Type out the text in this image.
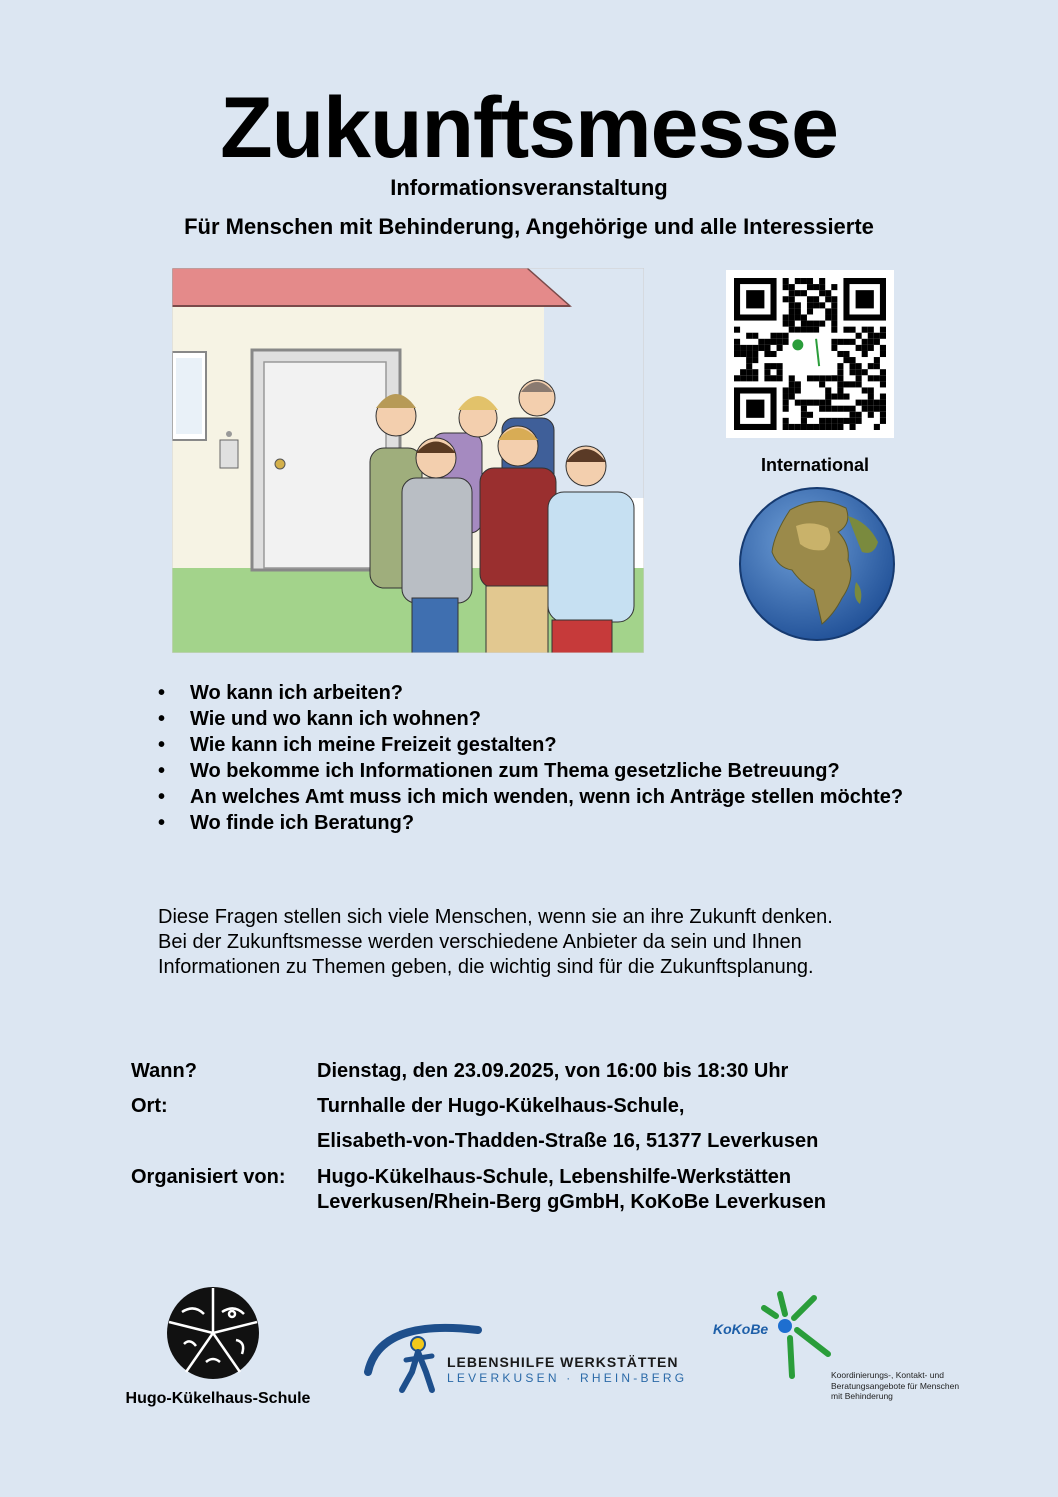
Zukunftsmesse
Informationsveranstaltung
Für Menschen mit Behinderung, Angehörige und alle Interessierte
International
• Wo kann ich arbeiten?
• Wie und wo kann ich wohnen?
• Wie kann ich meine Freizeit gestalten?
• Wo bekomme ich Informationen zum Thema gesetzliche Betreuung?
• An welches Amt muss ich mich wenden, wenn ich Anträge stellen möchte?
• Wo finde ich Beratung?
Diese Fragen stellen sich viele Menschen, wenn sie an ihre Zukunft denken.
Bei der Zukunftsmesse werden verschiedene Anbieter da sein und Ihnen
Informationen zu Themen geben, die wichtig sind für die Zukunftsplanung.
Wann?	Dienstag, den 23.09.2025, von 16:00 bis 18:30 Uhr
Ort:	Turnhalle der Hugo-Kükelhaus-Schule,
Elisabeth-von-Thadden-Straße 16, 51377 Leverkusen
Organisiert von:	Hugo-Kükelhaus-Schule, Lebenshilfe-Werkstätten
Leverkusen/Rhein-Berg gGmbH, KoKoBe Leverkusen
Hugo-Kükelhaus-Schule
LEBENSHILFE WERKSTÄTTEN
LEVERKUSEN · RHEIN-BERG
KoKoBe
Koordinierungs-, Kontakt- und Beratungsangebote für Menschen mit Behinderung
